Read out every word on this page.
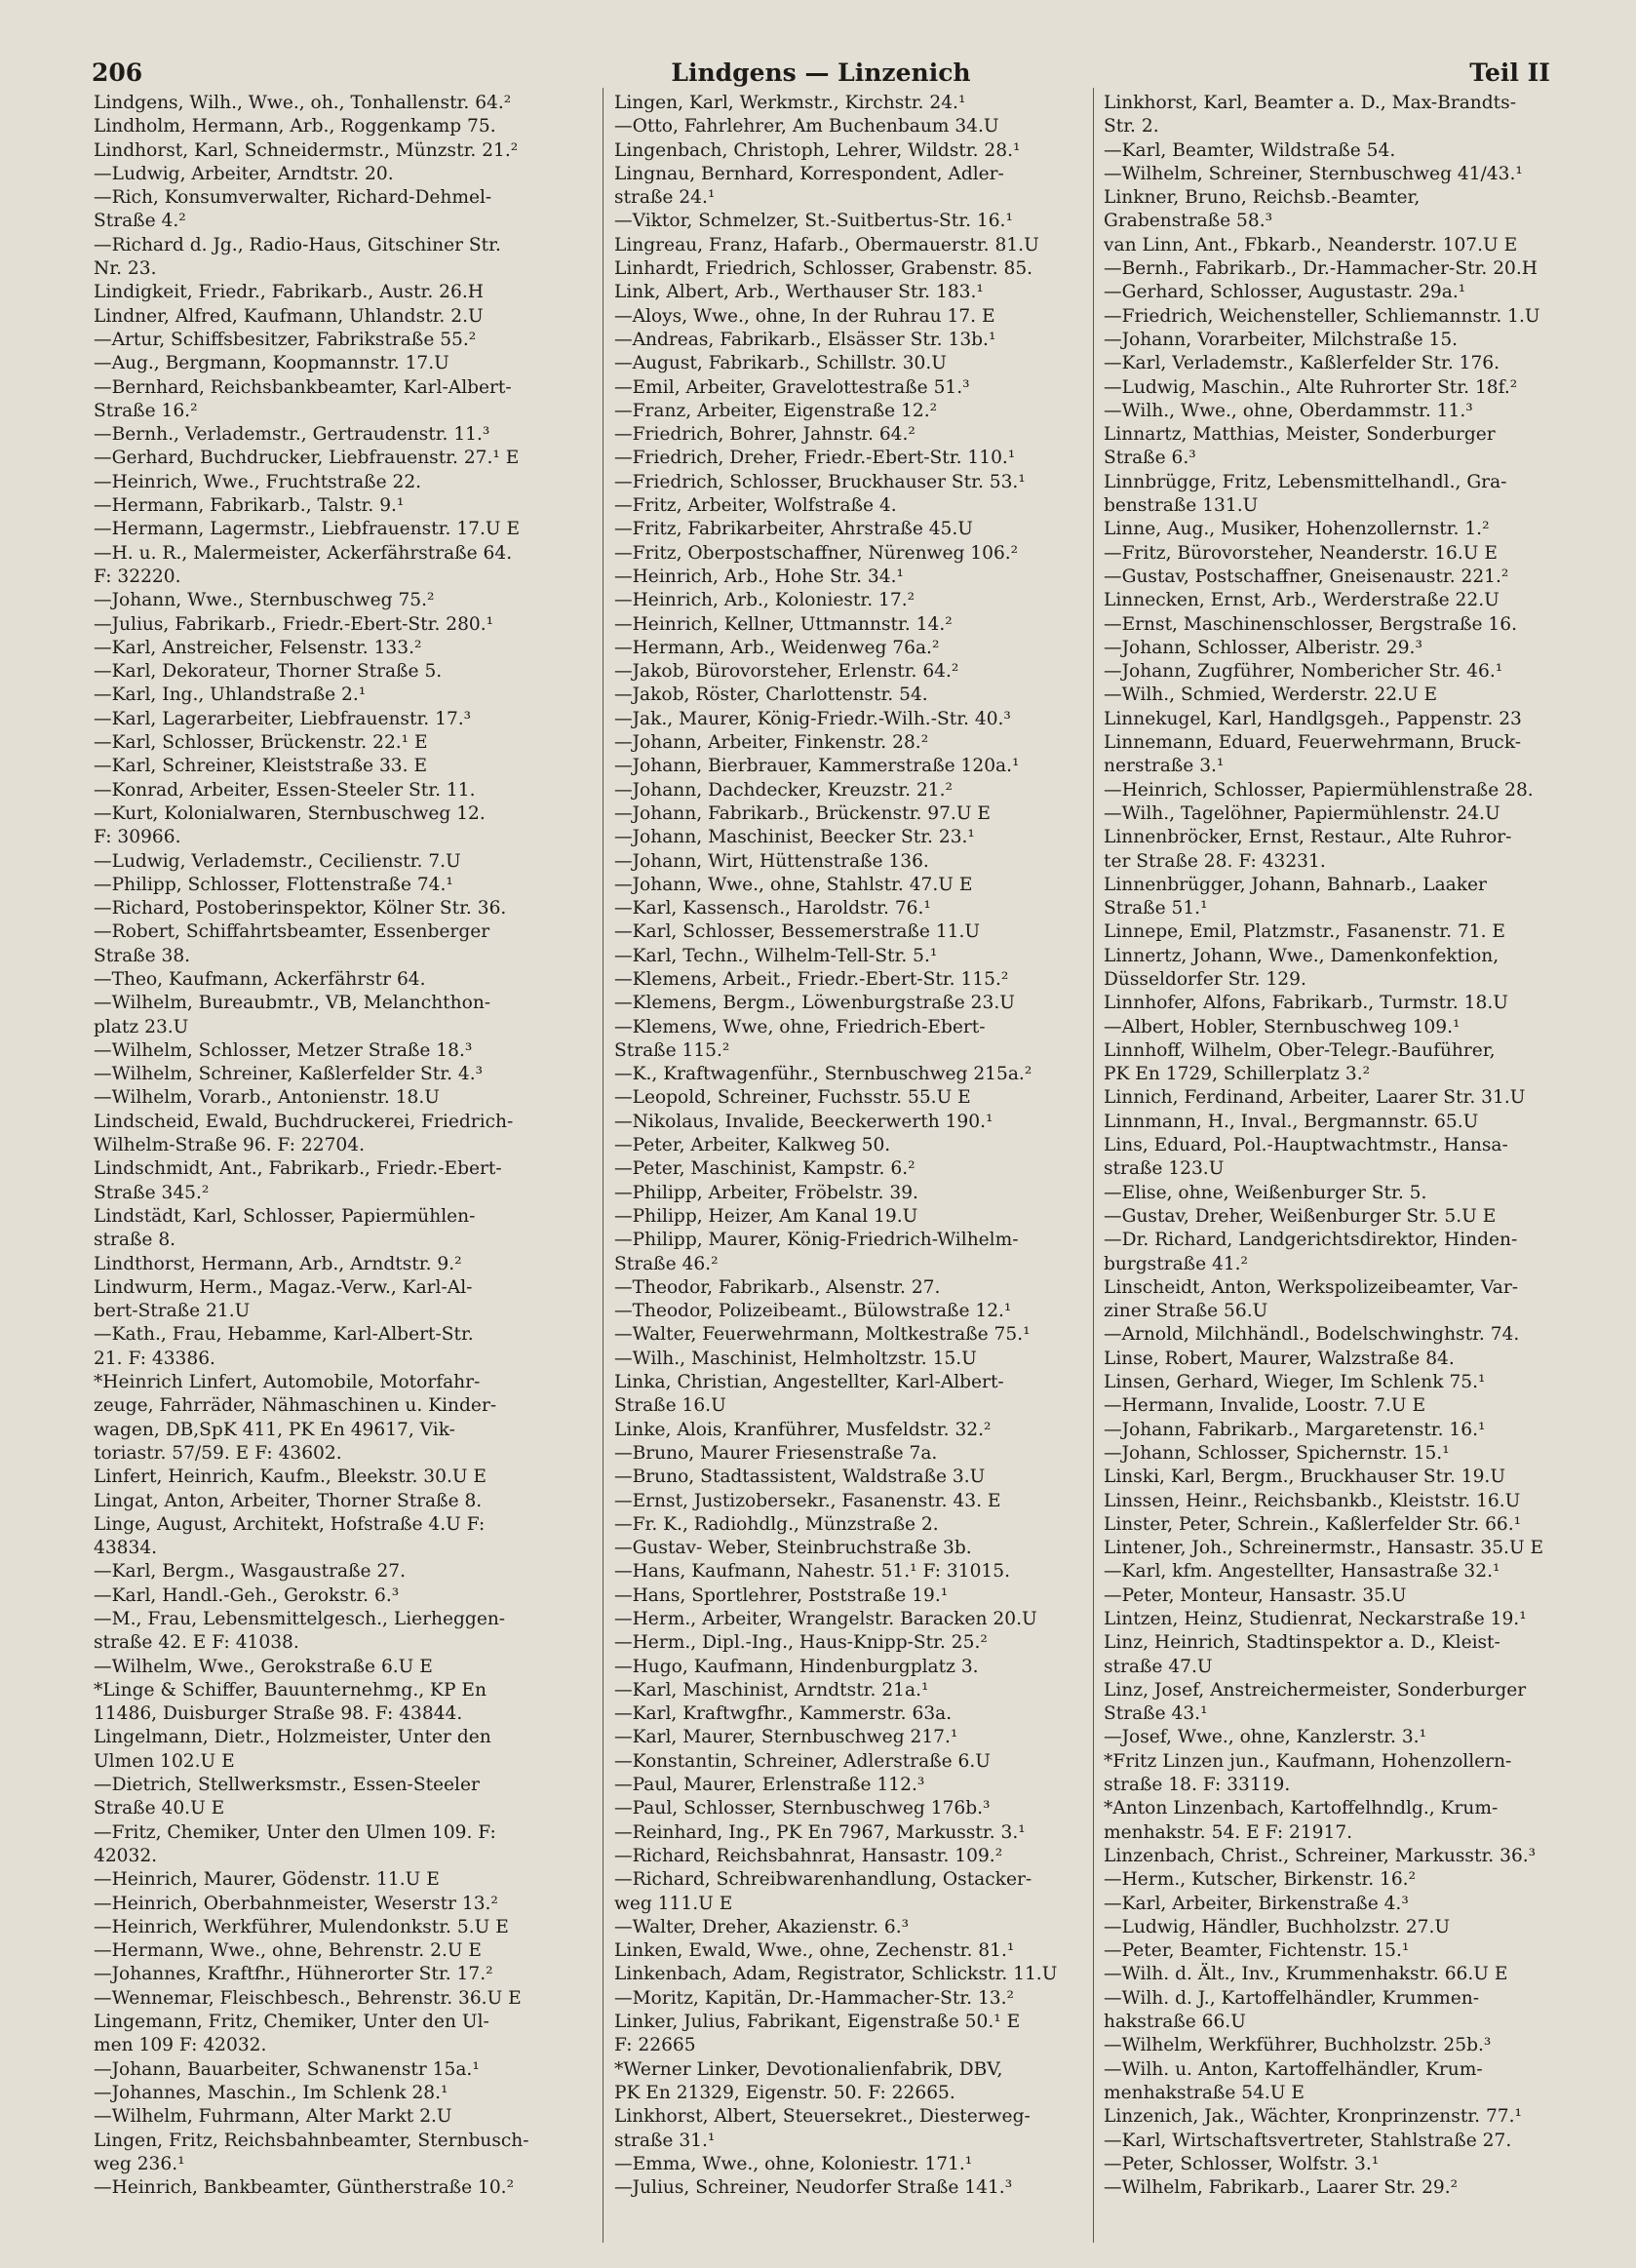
206	Lindgens — Linzenich	Teil II
Lindgens, Wilh., Wwe., oh., Tonhallenstr. 64.²
Lindholm, Hermann, Arb., Roggenkamp 75.
Lindhorst, Karl, Schneidermstr., Münzstr. 21.²
—Ludwig, Arbeiter, Arndtstr. 20.
—Rich, Konsumverwalter, Richard-Dehmel-
Straße 4.²
—Richard d. Jg., Radio-Haus, Gitschiner Str.
Nr. 23.
Lindigkeit, Friedr., Fabrikarb., Austr. 26.H
Lindner, Alfred, Kaufmann, Uhlandstr. 2.U
—Artur, Schiffsbesitzer, Fabrikstraße 55.²
—Aug., Bergmann, Koopmannstr. 17.U
—Bernhard, Reichsbankbeamter, Karl-Albert-
Straße 16.²
—Bernh., Verlademstr., Gertraudenstr. 11.³
—Gerhard, Buchdrucker, Liebfrauenstr. 27.¹ E
—Heinrich, Wwe., Fruchtstraße 22.
—Hermann, Fabrikarb., Talstr. 9.¹
—Hermann, Lagermstr., Liebfrauenstr. 17.U E
—H. u. R., Malermeister, Ackerfährstraße 64.
F: 32220.
—Johann, Wwe., Sternbuschweg 75.²
—Julius, Fabrikarb., Friedr.-Ebert-Str. 280.¹
—Karl, Anstreicher, Felsenstr. 133.²
—Karl, Dekorateur, Thorner Straße 5.
—Karl, Ing., Uhlandstraße 2.¹
—Karl, Lagerarbeiter, Liebfrauenstr. 17.³
—Karl, Schlosser, Brückenstr. 22.¹ E
—Karl, Schreiner, Kleiststraße 33. E
—Konrad, Arbeiter, Essen-Steeler Str. 11.
—Kurt, Kolonialwaren, Sternbuschweg 12.
F: 30966.
—Ludwig, Verlademstr., Cecilienstr. 7.U
—Philipp, Schlosser, Flottenstraße 74.¹
—Richard, Postoberinspektor, Kölner Str. 36.
—Robert, Schiffahrtsbeamter, Essenberger
Straße 38.
—Theo, Kaufmann, Ackerfährstr 64.
—Wilhelm, Bureaubmtr., VB, Melanchthon-
platz 23.U
—Wilhelm, Schlosser, Metzer Straße 18.³
—Wilhelm, Schreiner, Kaßlerfelder Str. 4.³
—Wilhelm, Vorarb., Antonienstr. 18.U
Lindscheid, Ewald, Buchdruckerei, Friedrich-
Wilhelm-Straße 96. F: 22704.
Lindschmidt, Ant., Fabrikarb., Friedr.-Ebert-
Straße 345.²
Lindstädt, Karl, Schlosser, Papiermühlen-
straße 8.
Lindthorst, Hermann, Arb., Arndtstr. 9.²
Lindwurm, Herm., Magaz.-Verw., Karl-Al-
bert-Straße 21.U
—Kath., Frau, Hebamme, Karl-Albert-Str.
21. F: 43386.
*Heinrich Linfert, Automobile, Motorfahr-
zeuge, Fahrräder, Nähmaschinen u. Kinder-
wagen, DB,SpK 411, PK En 49617, Vik-
toriastr. 57/59. E F: 43602.
Linfert, Heinrich, Kaufm., Bleekstr. 30.U E
Lingat, Anton, Arbeiter, Thorner Straße 8.
Linge, August, Architekt, Hofstraße 4.U F:
43834.
—Karl, Bergm., Wasgaustraße 27.
—Karl, Handl.-Geh., Gerokstr. 6.³
—M., Frau, Lebensmittelgesch., Lierheggen-
straße 42. E F: 41038.
—Wilhelm, Wwe., Gerokstraße 6.U E
*Linge & Schiffer, Bauunternehmg., KP En
11486, Duisburger Straße 98. F: 43844.
Lingelmann, Dietr., Holzmeister, Unter den
Ulmen 102.U E
—Dietrich, Stellwerksmstr., Essen-Steeler
Straße 40.U E
—Fritz, Chemiker, Unter den Ulmen 109. F:
42032.
—Heinrich, Maurer, Gödenstr. 11.U E
—Heinrich, Oberbahnmeister, Weserstr 13.²
—Heinrich, Werkführer, Mulendonkstr. 5.U E
—Hermann, Wwe., ohne, Behrenstr. 2.U E
—Johannes, Kraftfhr., Hühnerorter Str. 17.²
—Wennemar, Fleischbesch., Behrenstr. 36.U E
Lingemann, Fritz, Chemiker, Unter den Ul-
men 109 F: 42032.
—Johann, Bauarbeiter, Schwanenstr 15a.¹
—Johannes, Maschin., Im Schlenk 28.¹
—Wilhelm, Fuhrmann, Alter Markt 2.U
Lingen, Fritz, Reichsbahnbeamter, Sternbusch-
weg 236.¹
—Heinrich, Bankbeamter, Güntherstraße 10.²
Lingen, Karl, Werkmstr., Kirchstr. 24.¹
—Otto, Fahrlehrer, Am Buchenbaum 34.U
Lingenbach, Christoph, Lehrer, Wildstr. 28.¹
Lingnau, Bernhard, Korrespondent, Adler-
straße 24.¹
—Viktor, Schmelzer, St.-Suitbertus-Str. 16.¹
Lingreau, Franz, Hafarb., Obermauerstr. 81.U
Linhardt, Friedrich, Schlosser, Grabenstr. 85.
Link, Albert, Arb., Werthauser Str. 183.¹
—Aloys, Wwe., ohne, In der Ruhrau 17. E
—Andreas, Fabrikarb., Elsässer Str. 13b.¹
—August, Fabrikarb., Schillstr. 30.U
—Emil, Arbeiter, Gravelottestraße 51.³
—Franz, Arbeiter, Eigenstraße 12.²
—Friedrich, Bohrer, Jahnstr. 64.²
—Friedrich, Dreher, Friedr.-Ebert-Str. 110.¹
—Friedrich, Schlosser, Bruckhauser Str. 53.¹
—Fritz, Arbeiter, Wolfstraße 4.
—Fritz, Fabrikarbeiter, Ahrstraße 45.U
—Fritz, Oberpostschaffner, Nürenweg 106.²
—Heinrich, Arb., Hohe Str. 34.¹
—Heinrich, Arb., Koloniestr. 17.²
—Heinrich, Kellner, Uttmannstr. 14.²
—Hermann, Arb., Weidenweg 76a.²
—Jakob, Bürovorsteher, Erlenstr. 64.²
—Jakob, Röster, Charlottenstr. 54.
—Jak., Maurer, König-Friedr.-Wilh.-Str. 40.³
—Johann, Arbeiter, Finkenstr. 28.²
—Johann, Bierbrauer, Kammerstraße 120a.¹
—Johann, Dachdecker, Kreuzstr. 21.²
—Johann, Fabrikarb., Brückenstr. 97.U E
—Johann, Maschinist, Beecker Str. 23.¹
—Johann, Wirt, Hüttenstraße 136.
—Johann, Wwe., ohne, Stahlstr. 47.U E
—Karl, Kassensch., Haroldstr. 76.¹
—Karl, Schlosser, Bessemerstraße 11.U
—Karl, Techn., Wilhelm-Tell-Str. 5.¹
—Klemens, Arbeit., Friedr.-Ebert-Str. 115.²
—Klemens, Bergm., Löwenburgstraße 23.U
—Klemens, Wwe, ohne, Friedrich-Ebert-
Straße 115.²
—K., Kraftwagenführ., Sternbuschweg 215a.²
—Leopold, Schreiner, Fuchsstr. 55.U E
—Nikolaus, Invalide, Beeckerwerth 190.¹
—Peter, Arbeiter, Kalkweg 50.
—Peter, Maschinist, Kampstr. 6.²
—Philipp, Arbeiter, Fröbelstr. 39.
—Philipp, Heizer, Am Kanal 19.U
—Philipp, Maurer, König-Friedrich-Wilhelm-
Straße 46.²
—Theodor, Fabrikarb., Alsenstr. 27.
—Theodor, Polizeibeamt., Bülowstraße 12.¹
—Walter, Feuerwehrmann, Moltkestraße 75.¹
—Wilh., Maschinist, Helmholtzstr. 15.U
Linka, Christian, Angestellter, Karl-Albert-
Straße 16.U
Linke, Alois, Kranführer, Musfeldstr. 32.²
—Bruno, Maurer Friesenstraße 7a.
—Bruno, Stadtassistent, Waldstraße 3.U
—Ernst, Justizobersekr., Fasanenstr. 43. E
—Fr. K., Radiohdlg., Münzstraße 2.
—Gustav- Weber, Steinbruchstraße 3b.
—Hans, Kaufmann, Nahestr. 51.¹ F: 31015.
—Hans, Sportlehrer, Poststraße 19.¹
—Herm., Arbeiter, Wrangelstr. Baracken 20.U
—Herm., Dipl.-Ing., Haus-Knipp-Str. 25.²
—Hugo, Kaufmann, Hindenburgplatz 3.
—Karl, Maschinist, Arndtstr. 21a.¹
—Karl, Kraftwgfhr., Kammerstr. 63a.
—Karl, Maurer, Sternbuschweg 217.¹
—Konstantin, Schreiner, Adlerstraße 6.U
—Paul, Maurer, Erlenstraße 112.³
—Paul, Schlosser, Sternbuschweg 176b.³
—Reinhard, Ing., PK En 7967, Markusstr. 3.¹
—Richard, Reichsbahnrat, Hansastr. 109.²
—Richard, Schreibwarenhandlung, Ostacker-
weg 111.U E
—Walter, Dreher, Akazienstr. 6.³
Linken, Ewald, Wwe., ohne, Zechenstr. 81.¹
Linkenbach, Adam, Registrator, Schlickstr. 11.U
—Moritz, Kapitän, Dr.-Hammacher-Str. 13.²
Linker, Julius, Fabrikant, Eigenstraße 50.¹ E
F: 22665
*Werner Linker, Devotionalienfabrik, DBV,
PK En 21329, Eigenstr. 50. F: 22665.
Linkhorst, Albert, Steuersekret., Diesterweg-
straße 31.¹
—Emma, Wwe., ohne, Koloniestr. 171.¹
—Julius, Schreiner, Neudorfer Straße 141.³
Linkhorst, Karl, Beamter a. D., Max-Brandts-
Str. 2.
—Karl, Beamter, Wildstraße 54.
—Wilhelm, Schreiner, Sternbuschweg 41/43.¹
Linkner, Bruno, Reichsb.-Beamter,
Grabenstraße 58.³
van Linn, Ant., Fbkarb., Neanderstr. 107.U E
—Bernh., Fabrikarb., Dr.-Hammacher-Str. 20.H
—Gerhard, Schlosser, Augustastr. 29a.¹
—Friedrich, Weichensteller, Schliemannstr. 1.U
—Johann, Vorarbeiter, Milchstraße 15.
—Karl, Verlademstr., Kaßlerfelder Str. 176.
—Ludwig, Maschin., Alte Ruhrorter Str. 18f.²
—Wilh., Wwe., ohne, Oberdammstr. 11.³
Linnartz, Matthias, Meister, Sonderburger
Straße 6.³
Linnbrügge, Fritz, Lebensmittelhandl., Gra-
benstraße 131.U
Linne, Aug., Musiker, Hohenzollernstr. 1.²
—Fritz, Bürovorsteher, Neanderstr. 16.U E
—Gustav, Postschaffner, Gneisenaustr. 221.²
Linnecken, Ernst, Arb., Werderstraße 22.U
—Ernst, Maschinenschlosser, Bergstraße 16.
—Johann, Schlosser, Alberistr. 29.³
—Johann, Zugführer, Nombericher Str. 46.¹
—Wilh., Schmied, Werderstr. 22.U E
Linnekugel, Karl, Handlgsgeh., Pappenstr. 23
Linnemann, Eduard, Feuerwehrmann, Bruck-
nerstraße 3.¹
—Heinrich, Schlosser, Papiermühlenstraße 28.
—Wilh., Tagelöhner, Papiermühlenstr. 24.U
Linnenbröcker, Ernst, Restaur., Alte Ruhror-
ter Straße 28. F: 43231.
Linnenbrügger, Johann, Bahnarb., Laaker
Straße 51.¹
Linnepe, Emil, Platzmstr., Fasanenstr. 71. E
Linnertz, Johann, Wwe., Damenkonfektion,
Düsseldorfer Str. 129.
Linnhofer, Alfons, Fabrikarb., Turmstr. 18.U
—Albert, Hobler, Sternbuschweg 109.¹
Linnhoff, Wilhelm, Ober-Telegr.-Bauführer,
PK En 1729, Schillerplatz 3.²
Linnich, Ferdinand, Arbeiter, Laarer Str. 31.U
Linnmann, H., Inval., Bergmannstr. 65.U
Lins, Eduard, Pol.-Hauptwachtmstr., Hansa-
straße 123.U
—Elise, ohne, Weißenburger Str. 5.
—Gustav, Dreher, Weißenburger Str. 5.U E
—Dr. Richard, Landgerichtsdirektor, Hinden-
burgstraße 41.²
Linscheidt, Anton, Werkspolizeibeamter, Var-
ziner Straße 56.U
—Arnold, Milchhändl., Bodelschwinghstr. 74.
Linse, Robert, Maurer, Walzstraße 84.
Linsen, Gerhard, Wieger, Im Schlenk 75.¹
—Hermann, Invalide, Loostr. 7.U E
—Johann, Fabrikarb., Margaretenstr. 16.¹
—Johann, Schlosser, Spichernstr. 15.¹
Linski, Karl, Bergm., Bruckhauser Str. 19.U
Linssen, Heinr., Reichsbankb., Kleiststr. 16.U
Linster, Peter, Schrein., Kaßlerfelder Str. 66.¹
Lintener, Joh., Schreinermstr., Hansastr. 35.U E
—Karl, kfm. Angestellter, Hansastraße 32.¹
—Peter, Monteur, Hansastr. 35.U
Lintzen, Heinz, Studienrat, Neckarstraße 19.¹
Linz, Heinrich, Stadtinspektor a. D., Kleist-
straße 47.U
Linz, Josef, Anstreichermeister, Sonderburger
Straße 43.¹
—Josef, Wwe., ohne, Kanzlerstr. 3.¹
*Fritz Linzen jun., Kaufmann, Hohenzollern-
straße 18. F: 33119.
*Anton Linzenbach, Kartoffelhndlg., Krum-
menhakstr. 54. E F: 21917.
Linzenbach, Christ., Schreiner, Markusstr. 36.³
—Herm., Kutscher, Birkenstr. 16.²
—Karl, Arbeiter, Birkenstraße 4.³
—Ludwig, Händler, Buchholzstr. 27.U
—Peter, Beamter, Fichtenstr. 15.¹
—Wilh. d. Ält., Inv., Krummenhakstr. 66.U E
—Wilh. d. J., Kartoffelhändler, Krummen-
hakstraße 66.U
—Wilhelm, Werkführer, Buchholzstr. 25b.³
—Wilh. u. Anton, Kartoffelhändler, Krum-
menhakstraße 54.U E
Linzenich, Jak., Wächter, Kronprinzenstr. 77.¹
—Karl, Wirtschaftsvertreter, Stahlstraße 27.
—Peter, Schlosser, Wolfstr. 3.¹
—Wilhelm, Fabrikarb., Laarer Str. 29.²
